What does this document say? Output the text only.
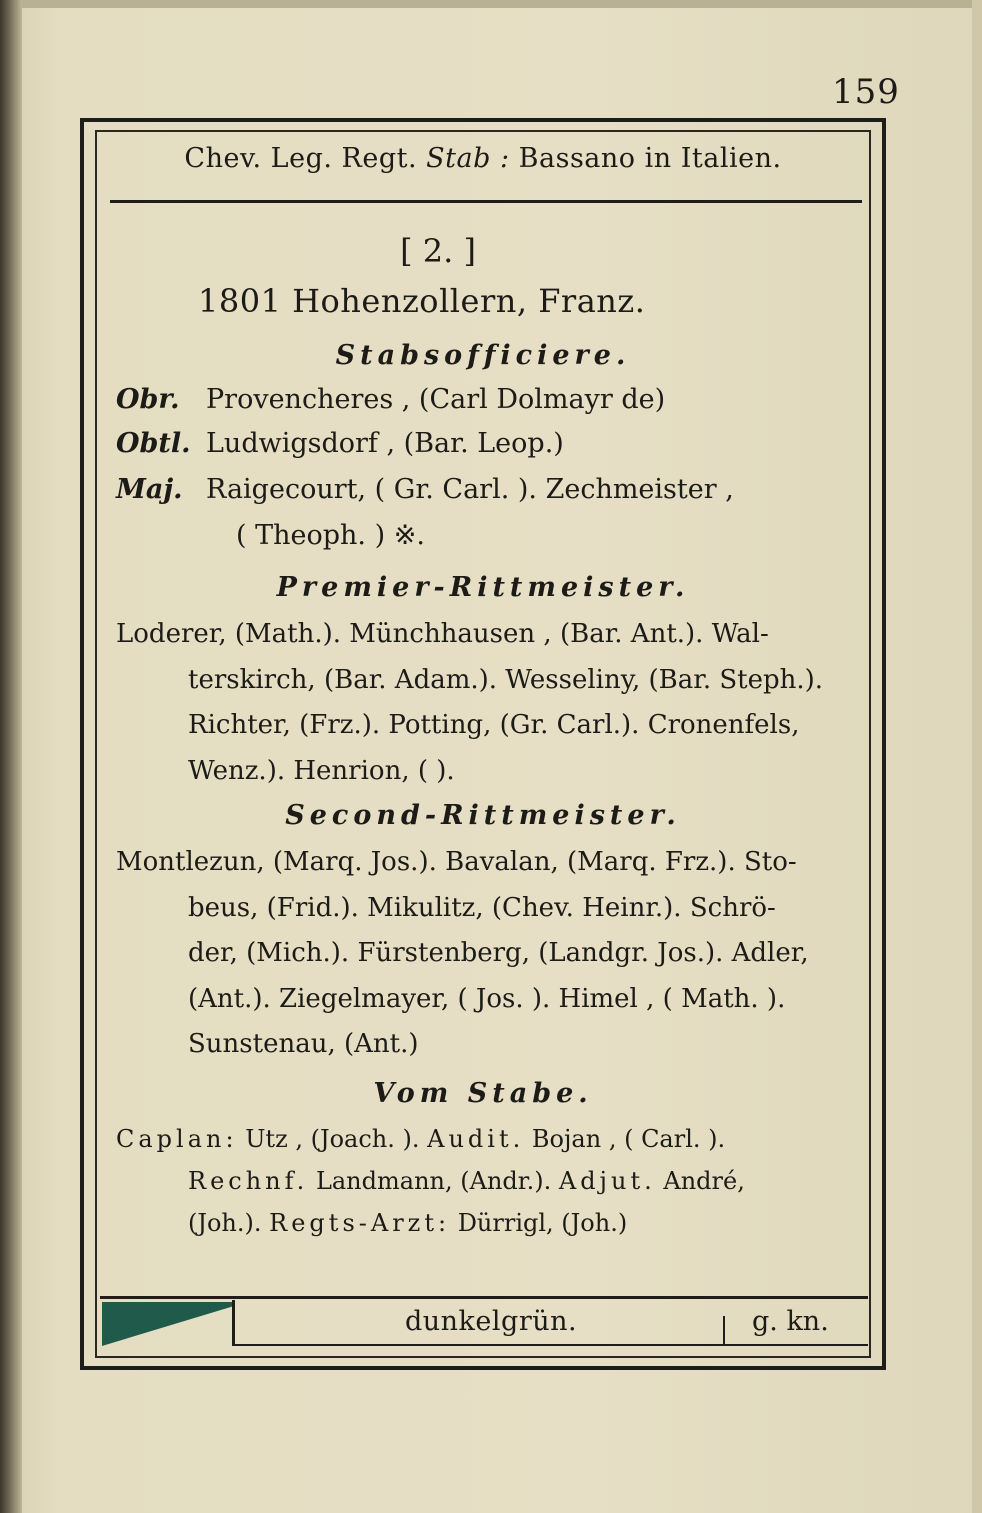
159
Chev. Leg. Regt. Stab : Bassano in Italien.
[ 2. ]
1801 Hohenzollern, Franz.
Stabsofficiere.
Obr. Provencheres , (Carl Dolmayr de)
Obtl. Ludwigsdorf , (Bar. Leop.)
Maj. Raigecourt, ( Gr. Carl. ). Zechmeister ,
( Theoph. ) ※.
Premier-Rittmeister.
Loderer, (Math.). Münchhausen , (Bar. Ant.). Wal-
terskirch, (Bar. Adam.). Wesseliny, (Bar. Steph.).
Richter, (Frz.). Potting, (Gr. Carl.). Cronenfels,
Wenz.). Henrion, ( ).
Second-Rittmeister.
Montlezun, (Marq. Jos.). Bavalan, (Marq. Frz.). Sto-
beus, (Frid.). Mikulitz, (Chev. Heinr.). Schrö-
der, (Mich.). Fürstenberg, (Landgr. Jos.). Adler,
(Ant.). Ziegelmayer, ( Jos. ). Himel , ( Math. ).
Sunstenau, (Ant.)
Vom Stabe.
Caplan: Utz , (Joach. ). Audit. Bojan , ( Carl. ).
Rechnf. Landmann, (Andr.). Adjut. André,
(Joh.). Regts-Arzt: Dürrigl, (Joh.)
dunkelgrün.	g. kn.
